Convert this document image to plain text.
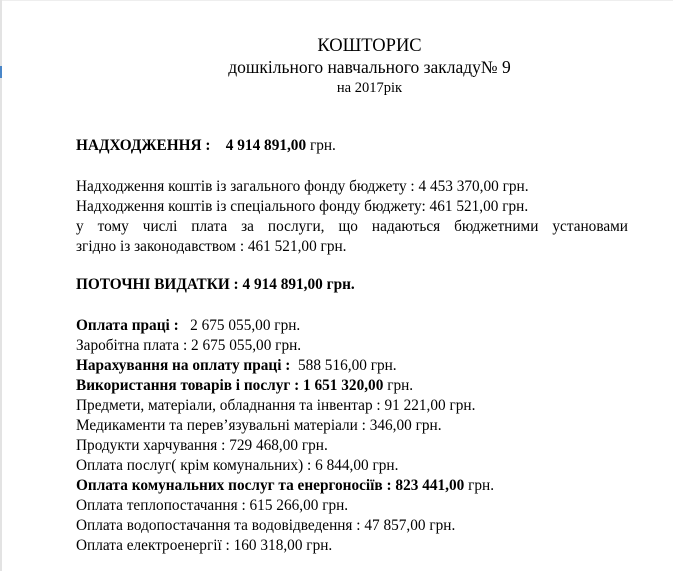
КОШТОРИС
дошкільного навчального закладу№ 9
на 2017рік
НАДХОДЖЕННЯ : 4 914 891,00 грн.
Надходження коштів із загального фонду бюджету : 4 453 370,00 грн.
Надходження коштів із спеціального фонду бюджету: 461 521,00 грн.
у тому числі плата за послуги, що надаються бюджетними установами
згідно із законодавством : 461 521,00 грн.
ПОТОЧНІ ВИДАТКИ : 4 914 891,00 грн.
Оплата праці : 2 675 055,00 грн.
Заробітна плата : 2 675 055,00 грн.
Нарахування на оплату праці : 588 516,00 грн.
Використання товарів і послуг : 1 651 320,00 грн.
Предмети, матеріали, обладнання та інвентар : 91 221,00 грн.
Медикаменти та перев’язувальні матеріали : 346,00 грн.
Продукти харчування : 729 468,00 грн.
Оплата послуг( крім комунальних) : 6 844,00 грн.
Оплата комунальних послуг та енергоносіїв : 823 441,00 грн.
Оплата теплопостачання : 615 266,00 грн.
Оплата водопостачання та водовідведення : 47 857,00 грн.
Оплата електроенергії : 160 318,00 грн.
